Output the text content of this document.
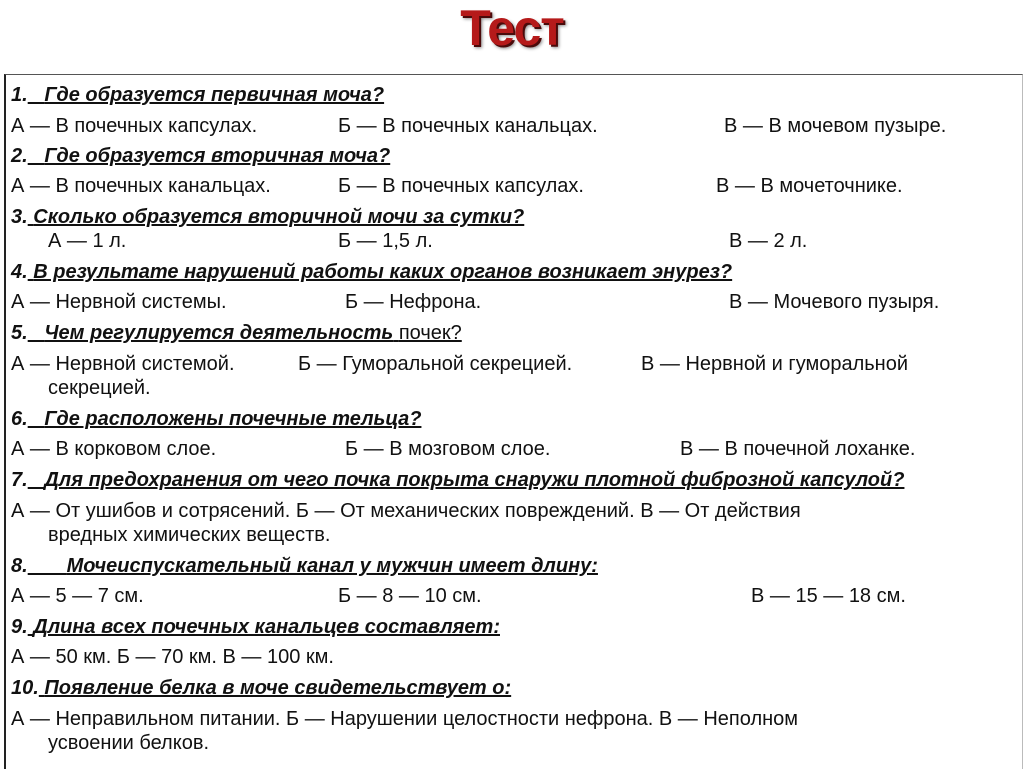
Тест
1. Где образуется первичная моча?
А — В почечных капсулах.	Б — В почечных канальцах.	В — В мочевом пузыре.
2. Где образуется вторичная моча?
А — В почечных канальцах.	Б — В почечных капсулах.	В — В мочеточнике.
3. Сколько образуется вторичной мочи за сутки?
А — 1 л.	Б — 1,5 л.	В — 2 л.
4. В результате нарушений работы каких органов возникает энурез?
А — Нервной системы.	Б — Нефрона.	В — Мочевого пузыря.
5. Чем регулируется деятельность почек?
А — Нервной системой.	Б — Гуморальной секрецией.	В — Нервной и гуморальной
секрецией.
6. Где расположены почечные тельца?
А — В корковом слое.	Б — В мозговом слое.	В — В почечной лоханке.
7. Для предохранения от чего почка покрыта снаружи плотной фиброзной капсулой?
А — От ушибов и сотрясений. Б — От механических повреждений. В — От действия
вредных химических веществ.
8. Мочеиспускательный канал у мужчин имеет длину:
А — 5 — 7 см.	Б — 8 — 10 см.	В — 15 — 18 см.
9. Длина всех почечных канальцев составляет:
А — 50 км. Б — 70 км. В — 100 км.
10. Появление белка в моче свидетельствует о:
А — Неправильном питании. Б — Нарушении целостности нефрона. В — Неполном
усвоении белков.
